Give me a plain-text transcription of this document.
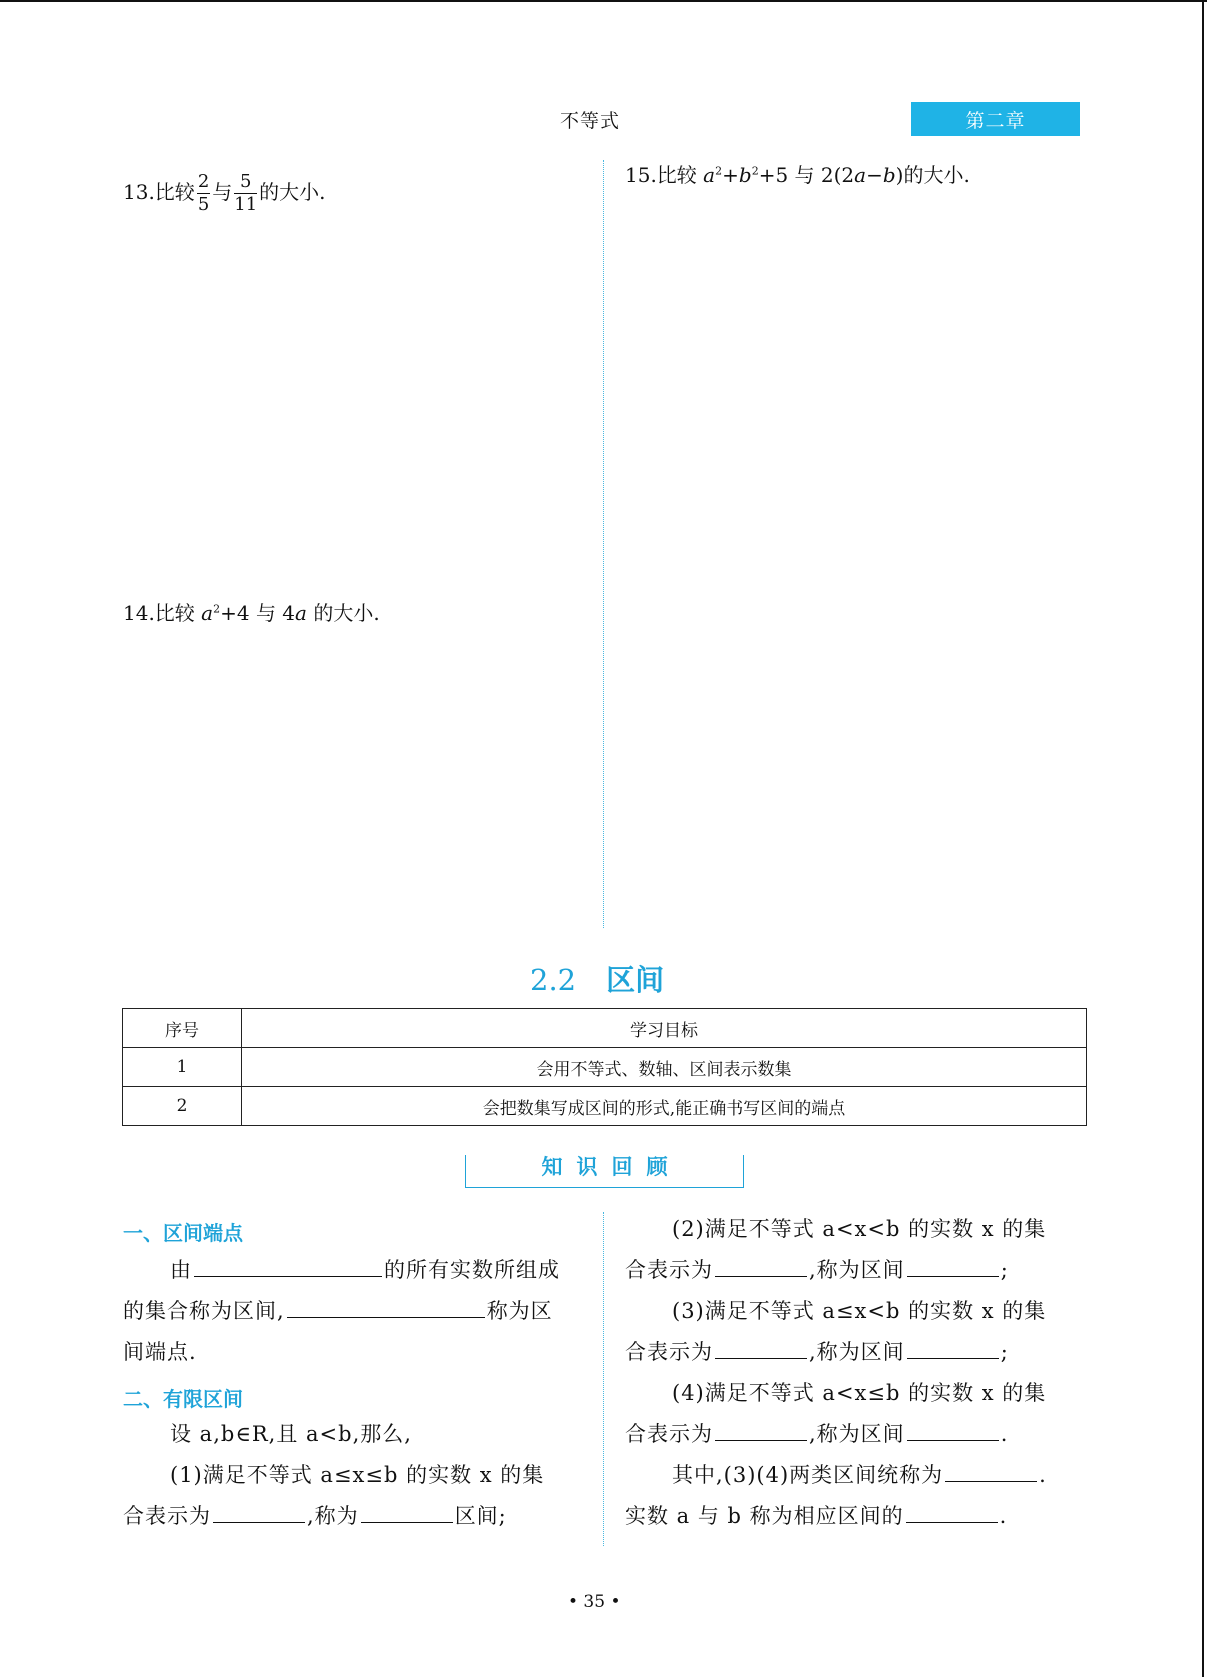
不等式	第二章
13.比较 $\frac{2}{5}$ 与 $\frac{5}{11}$ 的大小.
14.比较 $a^2+4$ 与 4a 的大小.
15.比较 $a^2+b^2+5$ 与 2(2a−b)的大小.
2.2 区间
序号	学习目标
1	会用不等式、数轴、区间表示数集
2	会把数集写成区间的形式,能正确书写区间的端点
知识回顾
一、区间端点
由	的所有实数所组成
的集合称为区间,	称为区
间端点.
二、有限区间
设 a,b∈R,且 a<b,那么,
(1)满足不等式 a≤x≤b 的实数 x 的集
合表示为	,称为	区间;
(2)满足不等式 a<x<b 的实数 x 的集
合表示为	,称为区间	;
(3)满足不等式 a≤x<b 的实数 x 的集
合表示为	,称为区间	;
(4)满足不等式 a<x≤b 的实数 x 的集
合表示为	,称为区间	.
其中,(3)(4)两类区间统称为	.
实数 a 与 b 称为相应区间的	.
• 35 •
